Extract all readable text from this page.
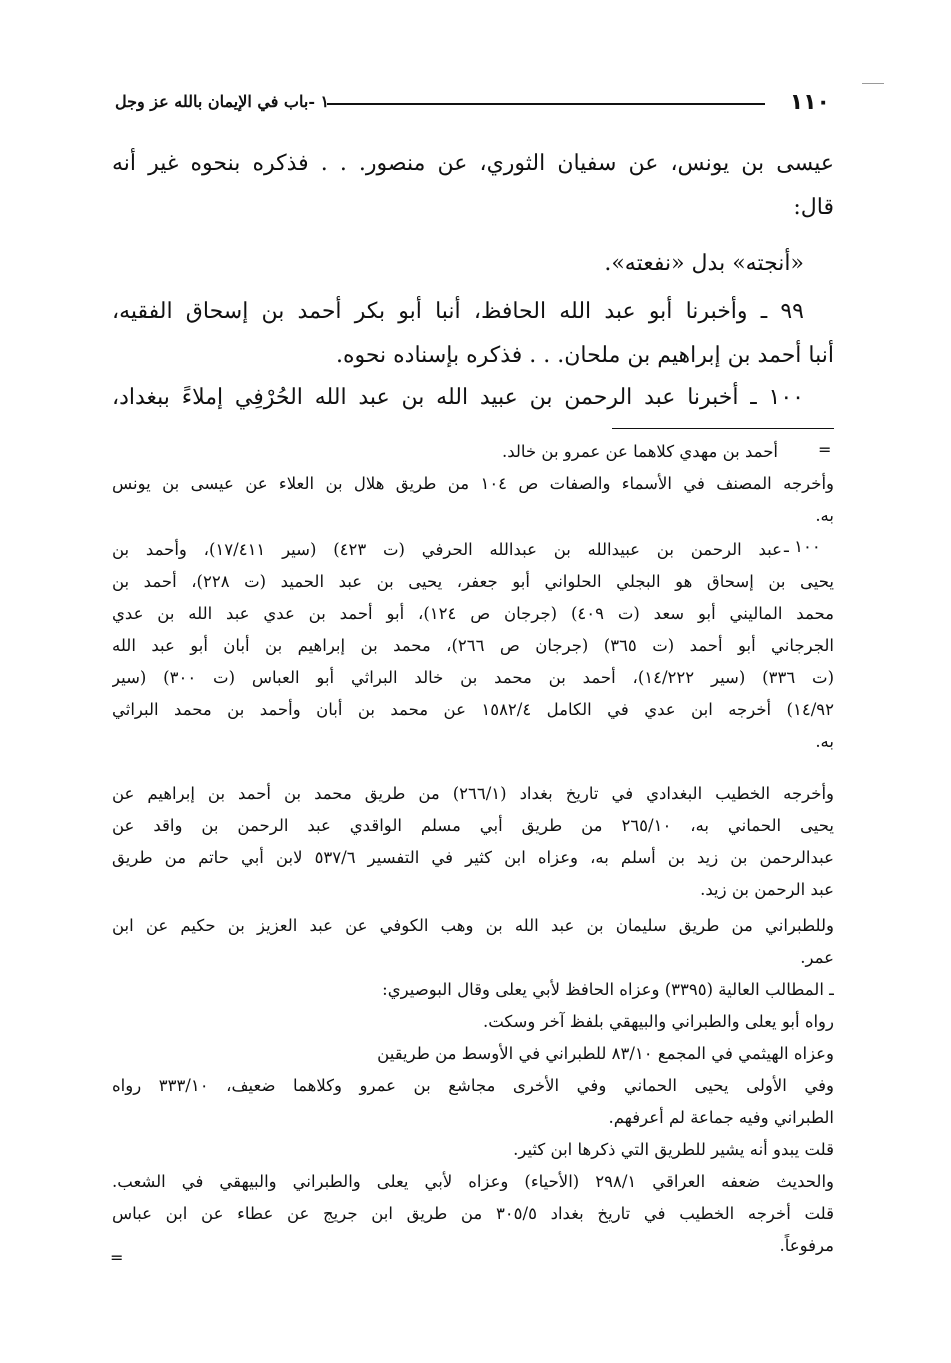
١١٠
١ -باب في الإيمان بالله عز وجل
عيسى بن يونس، عن سفيان الثوري، عن منصور. . . فذكره بنحوه غير أنه
قال:
«أنجته» بدل «نفعته».
٩٩ ـ وأخبرنا أبو عبد الله الحافظ، أنبا أبو بكر أحمد بن إسحاق الفقيه،
أنبا أحمد بن إبراهيم بن ملحان. . . فذكره بإسناده نحوه.
١٠٠ ـ أخبرنا عبد الرحمن بن عبيد الله بن عبد الله الحُرْفِي إملاءً ببغداد،
=
أحمد بن مهدي كلاهما عن عمرو بن خالد.
وأخرجه المصنف في الأسماء والصفات ص ١٠٤ من طريق هلال بن العلاء عن عيسى بن يونس
به.
١٠٠ ـ
عبد الرحمن بن عبيدالله بن عبدالله الحرفي (ت ٤٢٣) (سير ١٧/٤١١)، وأحمد بن
يحيى بن إسحاق هو البجلي الحلواني أبو جعفر، يحيى بن عبد الحميد (ت ٢٢٨)، أحمد بن
محمد الماليني أبو سعد (ت ٤٠٩) (جرجان ص ١٢٤)، أبو أحمد بن عدي عبد الله بن عدي
الجرجاني أبو أحمد (ت ٣٦٥) (جرجان ص ٢٦٦)، محمد بن إبراهيم بن أبان أبو عبد الله
(ت ٣٣٦) (سير ١٤/٢٢٢)، أحمد بن محمد بن خالد البراثي أبو العباس (ت ٣٠٠) (سير
١٤/٩٢) أخرجه ابن عدي في الكامل ١٥٨٢/٤ عن محمد بن أبان وأحمد بن محمد البراثي
به.
وأخرجه الخطيب البغدادي في تاريخ بغداد (٢٦٦/١) من طريق محمد بن أحمد بن إبراهيم عن
يحيى الحماني به، ٢٦٥/١٠ من طريق أبي مسلم الواقدي عبد الرحمن بن واقد عن
عبدالرحمن بن زيد بن أسلم به، وعزاه ابن كثير في التفسير ٥٣٧/٦ لابن أبي حاتم من طريق
عبد الرحمن بن زيد.
وللطبراني من طريق سليمان بن عبد الله بن وهب الكوفي عن عبد العزيز بن حكيم عن ابن
عمر.
ـ المطالب العالية (٣٣٩٥) وعزاه الحافظ لأبي يعلى وقال البوصيري:
رواه أبو يعلى والطبراني والبيهقي بلفظ آخر وسكت.
وعزاه الهيثمي في المجمع ٨٣/١٠ للطبراني في الأوسط من طريقين
وفي الأولى يحيى الحماني وفي الأخرى مجاشع بن عمرو وكلاهما ضعيف، ٣٣٣/١٠ رواه
الطبراني وفيه جماعة لم أعرفهم.
قلت يبدو أنه يشير للطريق التي ذكرها ابن كثير.
والحديث ضعفه العراقي ٢٩٨/١ (الأحياء) وعزاه لأبي يعلى والطبراني والبيهقي في الشعب.
قلت أخرجه الخطيب في تاريخ بغداد ٣٠٥/٥ من طريق ابن جريج عن عطاء عن ابن عباس
مرفوعاً.
=
